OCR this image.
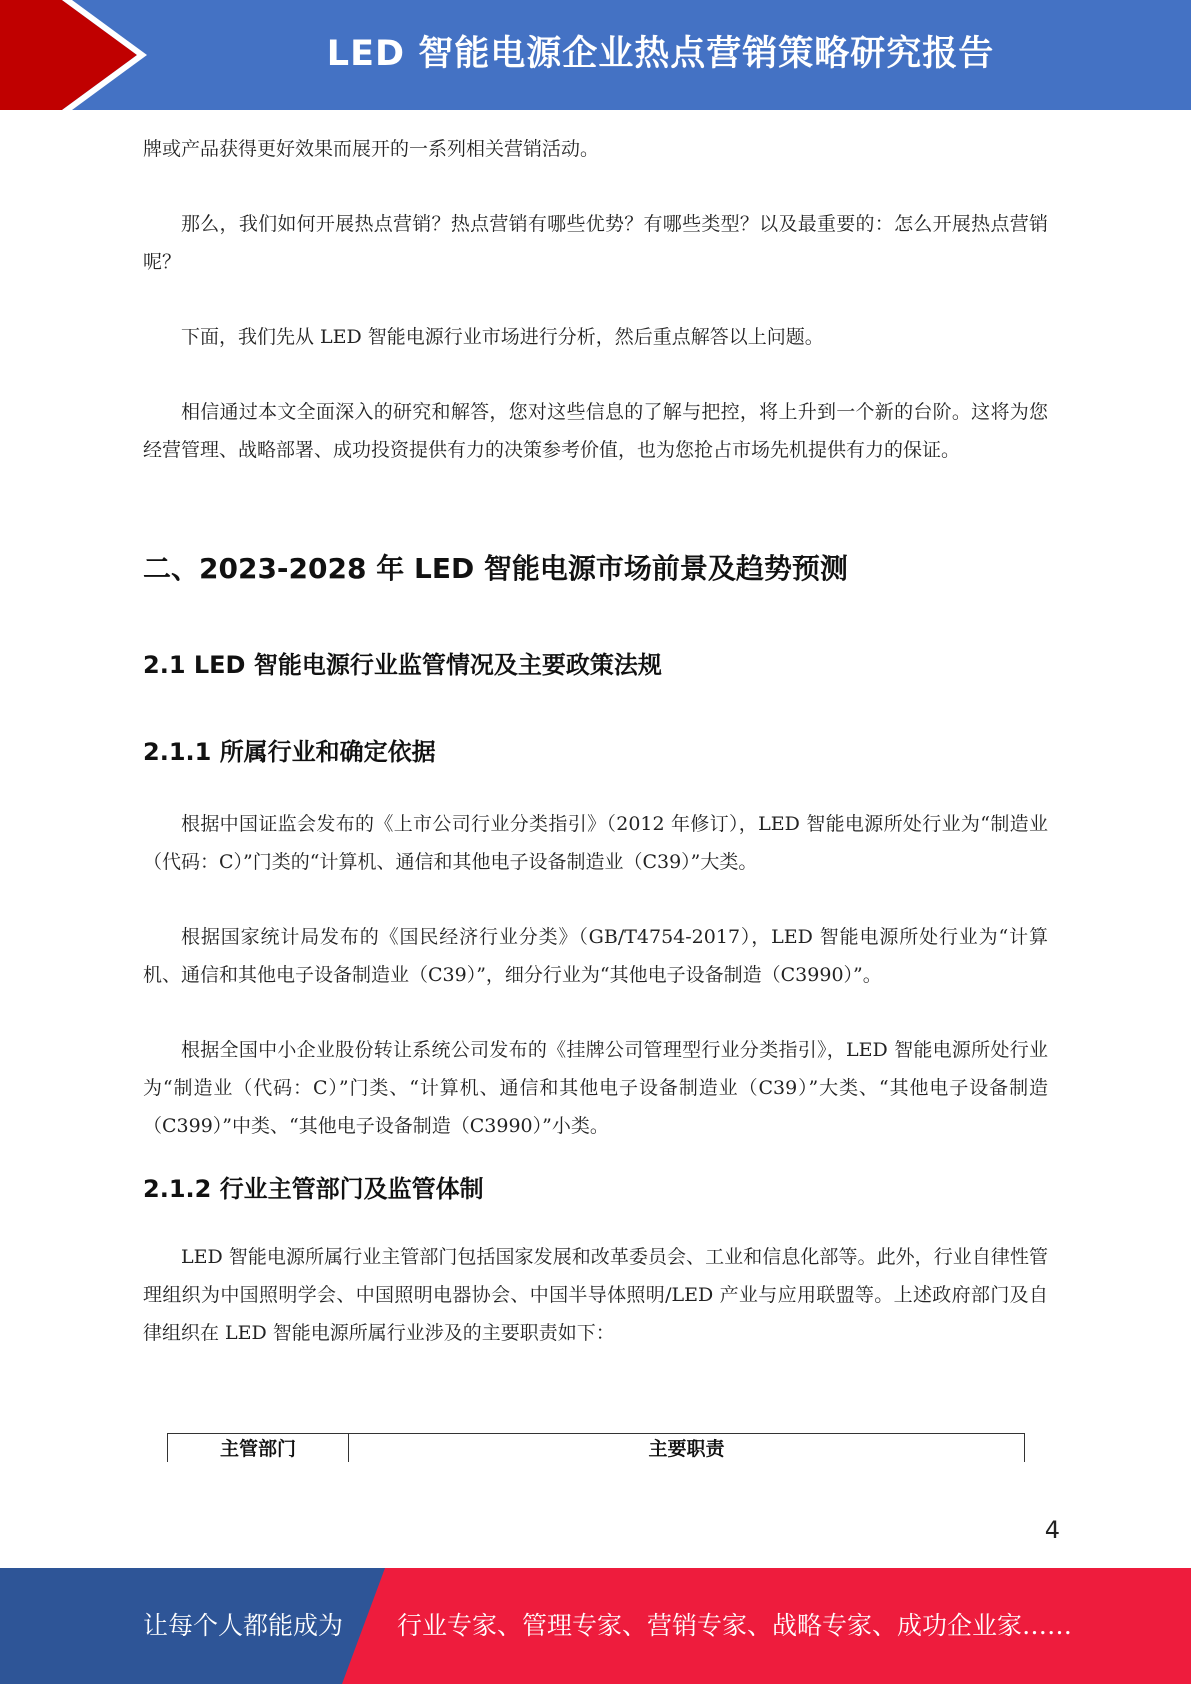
LED 智能电源企业热点营销策略研究报告

牌或产品获得更好效果而展开的一系列相关营销活动。

那么，我们如何开展热点营销？热点营销有哪些优势？有哪些类型？以及最重要的：怎么开展热点营销呢？

下面，我们先从 LED 智能电源行业市场进行分析，然后重点解答以上问题。

相信通过本文全面深入的研究和解答，您对这些信息的了解与把控，将上升到一个新的台阶。这将为您经营管理、战略部署、成功投资提供有力的决策参考价值，也为您抢占市场先机提供有力的保证。

二、2023-2028 年 LED 智能电源市场前景及趋势预测
2.1 LED 智能电源行业监管情况及主要政策法规
2.1.1 所属行业和确定依据

根据中国证监会发布的《上市公司行业分类指引》（2012 年修订），LED 智能电源所处行业为“制造业（代码：C）”门类的“计算机、通信和其他电子设备制造业（C39）”大类。

根据国家统计局发布的《国民经济行业分类》（GB/T4754-2017），LED 智能电源所处行业为“计算机、通信和其他电子设备制造业（C39）”，细分行业为“其他电子设备制造（C3990）”。

根据全国中小企业股份转让系统公司发布的《挂牌公司管理型行业分类指引》，LED 智能电源所处行业为“制造业（代码：C）”门类、“计算机、通信和其他电子设备制造业（C39）”大类、“其他电子设备制造（C399）”中类、“其他电子设备制造（C3990）”小类。

2.1.2 行业主管部门及监管体制

LED 智能电源所属行业主管部门包括国家发展和改革委员会、工业和信息化部等。此外，行业自律性管理组织为中国照明学会、中国照明电器协会、中国半导体照明/LED 产业与应用联盟等。上述政府部门及自律组织在 LED 智能电源所属行业涉及的主要职责如下：

主管部门	主要职责
4
让每个人都能成为 行业专家、管理专家、营销专家、战略专家、成功企业家……
